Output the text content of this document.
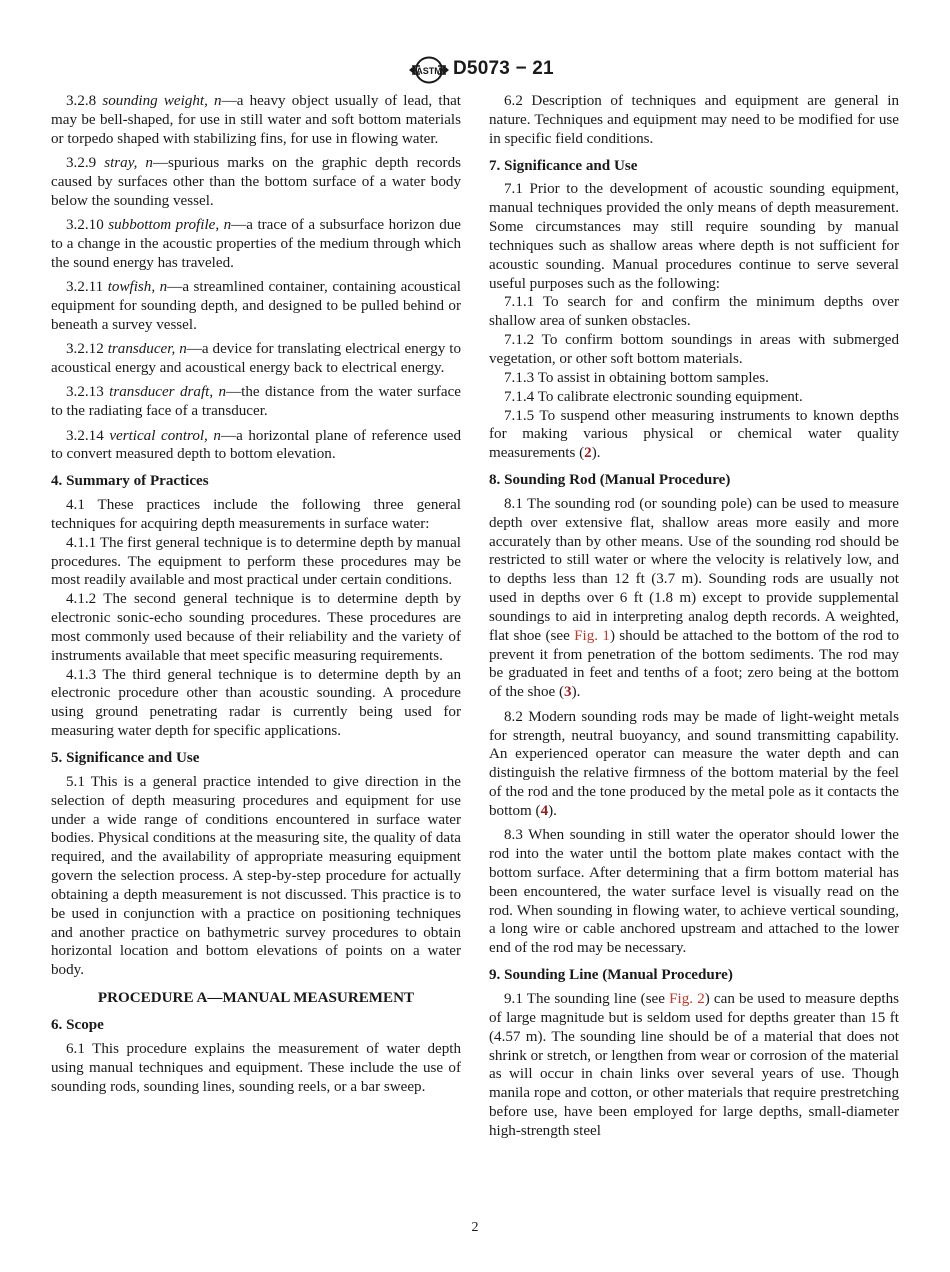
ASTM D5073 − 21

3.2.8 sounding weight, n—a heavy object usually of lead, that may be bell-shaped, for use in still water and soft bottom materials or torpedo shaped with stabilizing fins, for use in flowing water.

3.2.9 stray, n—spurious marks on the graphic depth records caused by surfaces other than the bottom surface of a water body below the sounding vessel.

3.2.10 subbottom profile, n—a trace of a subsurface horizon due to a change in the acoustic properties of the medium through which the sound energy has traveled.

3.2.11 towfish, n—a streamlined container, containing acoustical equipment for sounding depth, and designed to be pulled behind or beneath a survey vessel.

3.2.12 transducer, n—a device for translating electrical energy to acoustical energy and acoustical energy back to electrical energy.

3.2.13 transducer draft, n—the distance from the water surface to the radiating face of a transducer.

3.2.14 vertical control, n—a horizontal plane of reference used to convert measured depth to bottom elevation.

4. Summary of Practices

4.1 These practices include the following three general techniques for acquiring depth measurements in surface water:

4.1.1 The first general technique is to determine depth by manual procedures. The equipment to perform these procedures may be most readily available and most practical under certain conditions.

4.1.2 The second general technique is to determine depth by electronic sonic-echo sounding procedures. These procedures are most commonly used because of their reliability and the variety of instruments available that meet specific measuring requirements.

4.1.3 The third general technique is to determine depth by an electronic procedure other than acoustic sounding. A procedure using ground penetrating radar is currently being used for measuring water depth for specific applications.

5. Significance and Use

5.1 This is a general practice intended to give direction in the selection of depth measuring procedures and equipment for use under a wide range of conditions encountered in surface water bodies. Physical conditions at the measuring site, the quality of data required, and the availability of appropriate measuring equipment govern the selection process. A step-by-step procedure for actually obtaining a depth measurement is not discussed. This practice is to be used in conjunction with a practice on positioning techniques and another practice on bathymetric survey procedures to obtain horizontal location and bottom elevations of points on a water body.

PROCEDURE A—MANUAL MEASUREMENT
6. Scope

6.1 This procedure explains the measurement of water depth using manual techniques and equipment. These include the use of sounding rods, sounding lines, sounding reels, or a bar sweep.

6.2 Description of techniques and equipment are general in nature. Techniques and equipment may need to be modified for use in specific field conditions.

7. Significance and Use

7.1 Prior to the development of acoustic sounding equipment, manual techniques provided the only means of depth measurement. Some circumstances may still require sounding by manual techniques such as shallow areas where depth is not sufficient for acoustic sounding. Manual procedures continue to serve several useful purposes such as the following:

7.1.1 To search for and confirm the minimum depths over shallow area of sunken obstacles.

7.1.2 To confirm bottom soundings in areas with submerged vegetation, or other soft bottom materials.

7.1.3 To assist in obtaining bottom samples.

7.1.4 To calibrate electronic sounding equipment.

7.1.5 To suspend other measuring instruments to known depths for making various physical or chemical water quality measurements (2).

8. Sounding Rod (Manual Procedure)

8.1 The sounding rod (or sounding pole) can be used to measure depth over extensive flat, shallow areas more easily and more accurately than by other means. Use of the sounding rod should be restricted to still water or where the velocity is relatively low, and to depths less than 12 ft (3.7 m). Sounding rods are usually not used in depths over 6 ft (1.8 m) except to provide supplemental soundings to aid in interpreting analog depth records. A weighted, flat shoe (see Fig. 1) should be attached to the bottom of the rod to prevent it from penetration of the bottom sediments. The rod may be graduated in feet and tenths of a foot; zero being at the bottom of the shoe (3).

8.2 Modern sounding rods may be made of light-weight metals for strength, neutral buoyancy, and sound transmitting capability. An experienced operator can measure the water depth and can distinguish the relative firmness of the bottom material by the feel of the rod and the tone produced by the metal pole as it contacts the bottom (4).

8.3 When sounding in still water the operator should lower the rod into the water until the bottom plate makes contact with the bottom surface. After determining that a firm bottom material has been encountered, the water surface level is visually read on the rod. When sounding in flowing water, to achieve vertical sounding, a long wire or cable anchored upstream and attached to the lower end of the rod may be necessary.

9. Sounding Line (Manual Procedure)

9.1 The sounding line (see Fig. 2) can be used to measure depths of large magnitude but is seldom used for depths greater than 15 ft (4.57 m). The sounding line should be of a material that does not shrink or stretch, or lengthen from wear or corrosion of the material as will occur in chain links over several years of use. Though manila rope and cotton, or other materials that require prestretching before use, have been employed for large depths, small-diameter high-strength steel

2
